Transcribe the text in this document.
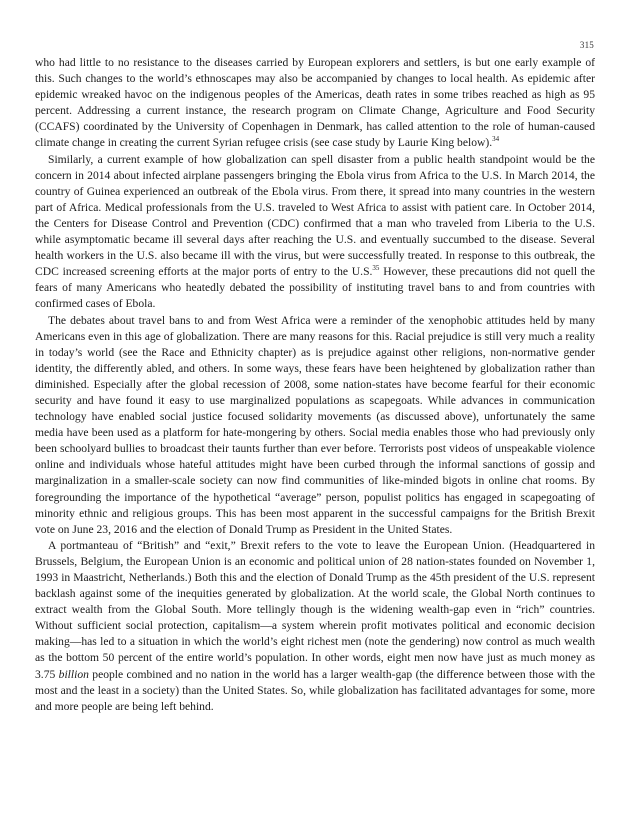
315

who had little to no resistance to the diseases carried by European explorers and settlers, is but one early example of this. Such changes to the world’s ethnoscapes may also be accompanied by changes to local health. As epidemic after epidemic wreaked havoc on the indigenous peoples of the Americas, death rates in some tribes reached as high as 95 percent. Addressing a current instance, the research program on Climate Change, Agriculture and Food Security (CCAFS) coordinated by the University of Copenhagen in Denmark, has called attention to the role of human-caused climate change in creating the current Syrian refugee crisis (see case study by Laurie King below).$^{34}$

Similarly, a current example of how globalization can spell disaster from a public health standpoint would be the concern in 2014 about infected airplane passengers bringing the Ebola virus from Africa to the U.S. In March 2014, the country of Guinea experienced an outbreak of the Ebola virus. From there, it spread into many countries in the western part of Africa. Medical professionals from the U.S. traveled to West Africa to assist with patient care. In October 2014, the Centers for Disease Control and Prevention (CDC) confirmed that a man who traveled from Liberia to the U.S. while asymptomatic became ill several days after reaching the U.S. and eventually succumbed to the disease. Several health workers in the U.S. also became ill with the virus, but were successfully treated. In response to this outbreak, the CDC increased screening efforts at the major ports of entry to the U.S.$^{35}$ However, these precautions did not quell the fears of many Americans who heatedly debated the possibility of instituting travel bans to and from countries with confirmed cases of Ebola.

The debates about travel bans to and from West Africa were a reminder of the xenophobic attitudes held by many Americans even in this age of globalization. There are many reasons for this. Racial prejudice is still very much a reality in today’s world (see the Race and Ethnicity chapter) as is prejudice against other religions, non-normative gender identity, the differently abled, and others. In some ways, these fears have been heightened by globalization rather than diminished. Especially after the global recession of 2008, some nation-states have become fearful for their economic security and have found it easy to use marginalized populations as scapegoats. While advances in communication technology have enabled social justice focused solidarity movements (as discussed above), unfortunately the same media have been used as a platform for hate-mongering by others. Social media enables those who had previously only been schoolyard bullies to broadcast their taunts further than ever before. Terrorists post videos of unspeakable violence online and individuals whose hateful attitudes might have been curbed through the informal sanctions of gossip and marginalization in a smaller-scale society can now find communities of like-minded bigots in online chat rooms. By foregrounding the importance of the hypothetical “average” person, populist politics has engaged in scapegoating of minority ethnic and religious groups. This has been most apparent in the successful campaigns for the British Brexit vote on June 23, 2016 and the election of Donald Trump as President in the United States.

A portmanteau of “British” and “exit,” Brexit refers to the vote to leave the European Union. (Headquartered in Brussels, Belgium, the European Union is an economic and political union of 28 nation-states founded on November 1, 1993 in Maastricht, Netherlands.) Both this and the election of Donald Trump as the 45th president of the U.S. represent backlash against some of the inequities generated by globalization. At the world scale, the Global North continues to extract wealth from the Global South. More tellingly though is the widening wealth-gap even in “rich” countries. Without sufficient social protection, capitalism—a system wherein profit motivates political and economic decision making—has led to a situation in which the world’s eight richest men (note the gendering) now control as much wealth as the bottom 50 percent of the entire world’s population. In other words, eight men now have just as much money as 3.75 billion people combined and no nation in the world has a larger wealth-gap (the difference between those with the most and the least in a society) than the United States. So, while globalization has facilitated advantages for some, more and more people are being left behind.
